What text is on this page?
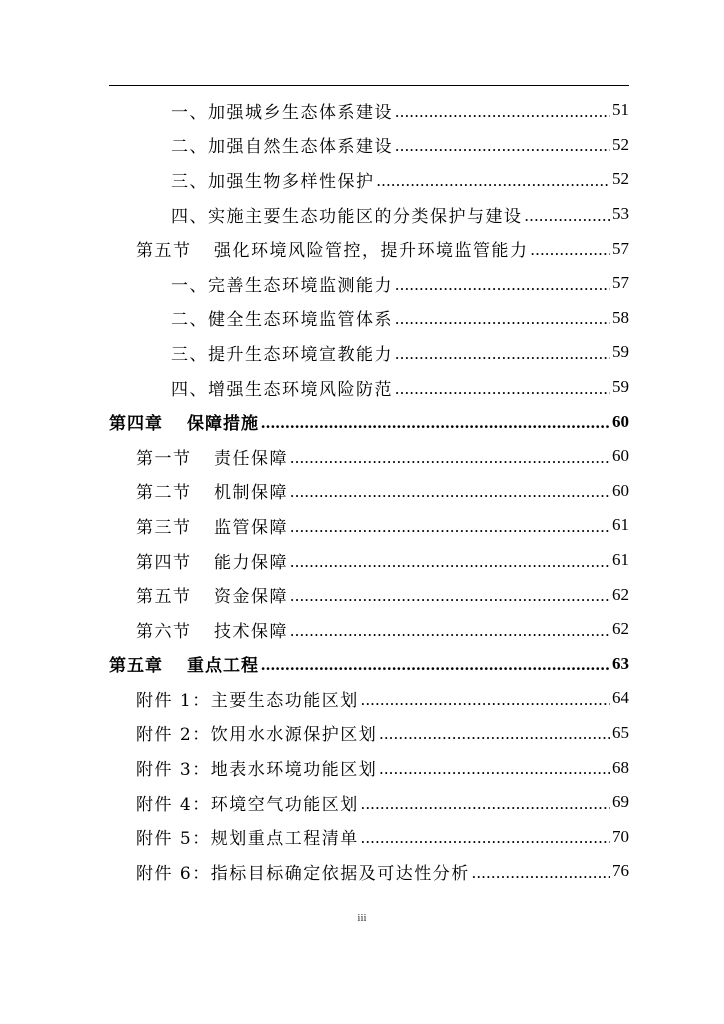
一、加强城乡生态体系建设 .....	51
二、加强自然生态体系建设 .....	52
三、加强生物多样性保护 .....	52
四、实施主要生态功能区的分类保护与建设 .....	53
第五节 强化环境风险管控，提升环境监管能力 .....	57
一、完善生态环境监测能力 .....	57
二、健全生态环境监管体系 .....	58
三、提升生态环境宣教能力 .....	59
四、增强生态环境风险防范 .....	59
第四章 保障措施 .....	60
第一节 责任保障 .....	60
第二节 机制保障 .....	60
第三节 监管保障 .....	61
第四节 能力保障 .....	61
第五节 资金保障 .....	62
第六节 技术保障 .....	62
第五章 重点工程 .....	63
附件 1：主要生态功能区划 .....	64
附件 2：饮用水水源保护区划 .....	65
附件 3：地表水环境功能区划 .....	68
附件 4：环境空气功能区划 .....	69
附件 5：规划重点工程清单 .....	70
附件 6：指标目标确定依据及可达性分析 .....	76
iii
